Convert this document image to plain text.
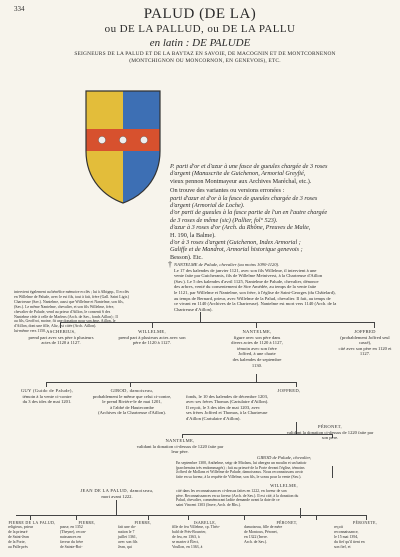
334	PALUD (DE LA)
ou DE LA PALLUD, ou DE LA PALLU
en latin : DE PALUDE
SEIGNEURS DE LA PALUD ET DE LA BAYTAZ EN SAVOIE, DE MACOGNIN ET DE MONTCORNENON
(MONTCHIGNON OU MONCORNON, EN GENEVOIS), ETC.
P. parti d'or et d'azur à une fasce de gueules chargée de 3 roses
d'argent (Manuscrite de Guichenon, Armorial Greyfié,
vieux pennon Montmayeur aux Archives Maréchal, etc.).
On trouve des variantes ou versions erronées :
parti d'azur et d'or à la fasce de gueules chargée de 3 roses
d'argent (Armorial de Loche).
d'or parti de gueules à la fasce partie de l'un en l'autre chargée
de 3 roses de même (sic) (Pallier, fol° 523).
d'azur à 3 roses d'or (Arch. du Rhône, Preuves de Malte,
H. 190, la Balme).
d'or à 3 roses d'argent (Guichenon, Index Armorial ;
Galiffe et de Mandrot, Armorial historique genevois ;
Besson). Etc.
† NANTELME de Palude, chevalier (au moins 1090-1120).
Le 17 des kalendes de janvier 1121, avec son fils Willelme, il intervient à une
vente faite par Guicheranis, fils de Willelme Meiniverst, à la Chartreuse d'Aillon
(Sav.). Le 5 des kalendes d'avril 1125, Nantelme de Palude, chevalier, dénonce
des arbres, venté du consentement de Sire Amédée, au temps de la vente faite
le 1121, par Willelme et Nantelme, son frère, à l'église de Saint-Georges (du Châtelard),
au temps de Bernard, prieur, avec Willelme de la Palud, chevalier. Il fait, au temps de
ce vivant en 1140 (Archives de la Chartreuse). Nantelme est mort vers 1140 (Arch. de la
Chartreuse d'Aillon).
intervient également au bénéfice mémoire ecclés ; lui à Albignp., Il ecclés
en Willelme de Palude, avec le est fils, tout à fait, frère (Gall. Saint Ligir.)
Chartreuse (Sav.). Nantelme, aussi que Willelme et Nantelme, son fils,
(Sav.). Le même Nantelme, chevalier, et son fils Willelme, frère,
chevalier de Palude, vend au prieur d'Aillon, le consenti 6 des
Nantelme cède à celle de Marlens (Arch. de Sav., fonds Aillon) ; Il
au fils, Geoffroi, moine, fit une donation pour son âme, Aillon, le
d'Aillon, dont une fille, Aliz, est citée (Arch. Aillon).
lui-même vers 1150. ASCHERIUS,
prend part avec ses père à plusieurs
actes de 1120 à 1127.
WILLELME,
prend part à plusieurs actes avec son
père de 1120 à 1127.
NANTELME,
figure avec son père dans
divers actes de 1120 à 1127,
témoin avec son frère
Joffred, à une charte
des kalendes de septembre
1130.
JOFFRED
(probablement Joffred seul cassé),
cité avec son père en 1120 et
1127.
GUY (Guido de Palude),
témoin à la vente ci-contre
du 3 des ides de mai 1201.
GIROD, damoiseau,
probablement le même que celui ci-contre,
le prend Rivière-le de mai 1201,
à l'abbé de Hautecombe
(Archives de la Chartreuse d'Aillon).
JOFFRED,
fonds, le 10 des kalendes de décembre 1203,
avec ses frères Thomas (Cartulaire d'Aillon).
Il reçoit, le 3 des ides de mai 1203, avec
ses frères Joffred et Thomas, à la Chartreuse
d'Aillon (Cartulaire d'Aillon).
NANTELME,
validant la donation ci-dessus de 1220 faite par
leur père.
PÉRONET,
validant la donation ci-dessus de 1220 faite par
son père.
GIROD de Palude, chevalier,
En septembre 1300, Anthelme, seigr de Miolans, lui abergea un moulin et un battoir
(parchemins très endommagés) ; fait au prieuré de la Porte devant l'église, témoins
Joffred de Mollans et Willelme de Palude, damoiseaux. Nous reconnaissons avoir
faite en sa faveur, à la requête de Villelme, son fils, le sceau pour la vente (Sav.).
JEAN DE LA PALUD, damoiseau,
mort avant 1222.
WILLELME,
cité dans les reconnaissances ci-dessus faites en 1222, en faveur de son
père. Reconnaissances en sa faveur (Arch. de Sav.). Il est cité, à la donation du
Palud, chevalier, commémorant ladite demande avant la date de ce
saint Vincent 1303 (Invre, Arch. de Rhs.).
PIERRE DE LA PALUD,
religieux, prieur
de la prieuré
de Saint-Jean
de la Porte,
au Palle près
PIERRE,
passe, en 1352
(Theyne), recon-
naissances en
faveur du frère
de Sainte-Boi-
PIERRE,
fait une do-
nation le 7
juillet 1361,
avec son fils
Jean, qui
ISABELLE,
fille de feu Villelme, cp. Théo-
bald de Prés-Bourrier,
de feu, en 1363, à
se marier à Élect,
Voullon, en 1363, à
PÉRONET,
damoiseau, fille de mère
de Montoux, Péronet,
en 1322 (Invre.
Arch. de Sav.).
PÉRONETE,
reçoit
reconnaissance,
le 15 mai 1394,
du fief qu'il tient en
son fief, et
